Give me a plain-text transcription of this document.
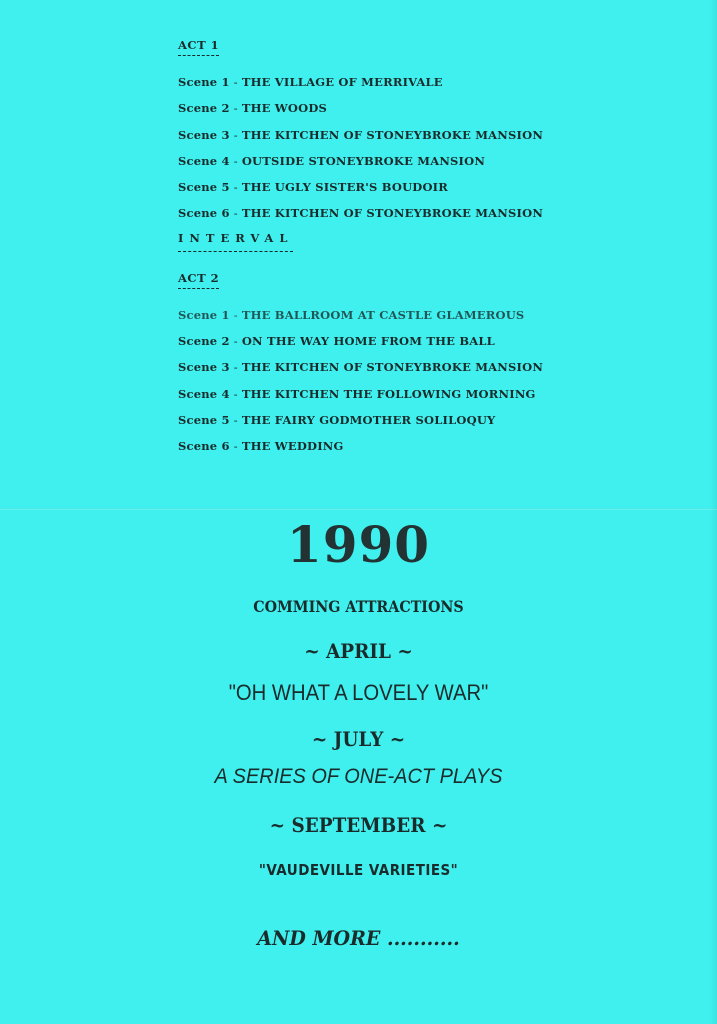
ACT 1
Scene 1 - THE VILLAGE OF MERRIVALE
Scene 2 - THE WOODS
Scene 3 - THE KITCHEN OF STONEYBROKE MANSION
Scene 4 - OUTSIDE STONEYBROKE MANSION
Scene 5 - THE UGLY SISTER'S BOUDOIR
Scene 6 - THE KITCHEN OF STONEYBROKE MANSION
INTERVAL
ACT 2
Scene 1 - THE BALLROOM AT CASTLE GLAMEROUS
Scene 2 - ON THE WAY HOME FROM THE BALL
Scene 3 - THE KITCHEN OF STONEYBROKE MANSION
Scene 4 - THE KITCHEN THE FOLLOWING MORNING
Scene 5 - THE FAIRY GODMOTHER SOLILOQUY
Scene 6 - THE WEDDING
1990
COMMING ATTRACTIONS
~ APRIL ~
"OH WHAT A LOVELY WAR"
~ JULY ~
A SERIES OF ONE-ACT PLAYS
~ SEPTEMBER ~
"VAUDEVILLE VARIETIES"
AND MORE ...........
